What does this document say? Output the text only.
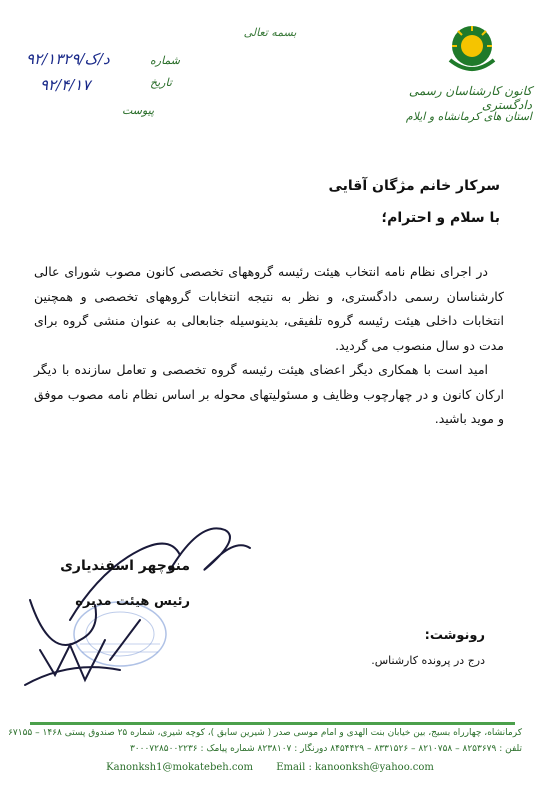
بسمه تعالی
کانون کارشناسان رسمی دادگستری
استان های کرمانشاه و ایلام
شماره
۹۲/د/ک/۱۳۲۹
تاریخ
۹۲/۴/۱۷
پیوست
سرکار خانم مژگان آقایی
با سلام و احترام؛

در اجرای نظام نامه انتخاب هیئت رئیسه گروههای تخصصی کانون مصوب شورای عالی کارشناسان رسمی دادگستری، و نظر به نتیجه انتخابات گروههای تخصصی و همچنین انتخابات داخلی هیئت رئیسه گروه تلفیقی، بدینوسیله جنابعالی به عنوان منشی گروه برای مدت دو سال منصوب می گردید.

امید است با همکاری دیگر اعضای هیئت رئیسه گروه تخصصی و تعامل سازنده با دیگر ارکان کانون و در چهارچوب وظایف و مسئولیتهای محوله بر اساس نظام نامه مصوب موفق و موید باشید.

منوچهر اسفندیاری
رئیس هیئت مدیره
رونوشت:
درج در پرونده کارشناس.
کرمانشاه، چهارراه بسیج، بین خیابان بنت الهدی و امام موسی صدر ( شیرین سابق )، کوچه شیری، شماره ۲۵ صندوق پستی ۱۴۶۸ – ۶۷۱۵۵
تلفن : ۸۲۵۳۶۷۹ – ۸۲۱۰۷۵۸ – ۸۳۳۱۵۲۶ – ۸۴۵۴۴۲۹ دورنگار : ۸۲۳۸۱۰۷ شماره پیامک : ۳۰۰۰۷۲۸۵۰۰۲۲۳۶
Kanonksh1@mokatebeh.com Email : kanoonksh@yahoo.com
